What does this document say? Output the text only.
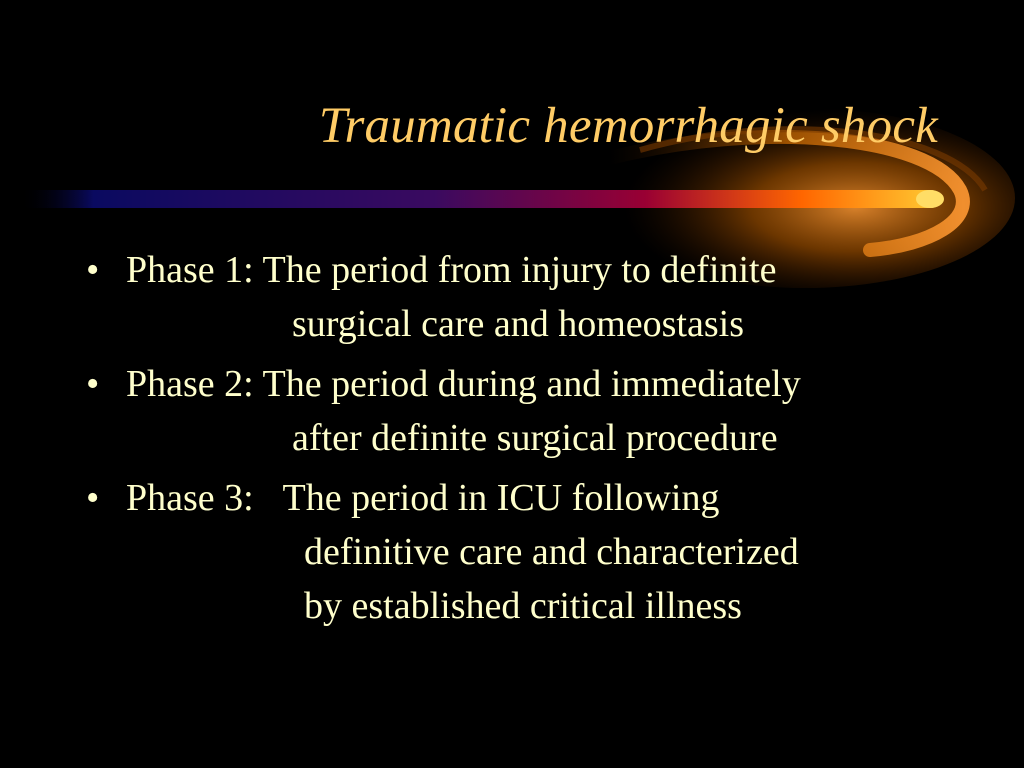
Traumatic hemorrhagic shock
• Phase 1: The period from injury to definite
surgical care and homeostasis
• Phase 2: The period during and immediately
after definite surgical procedure
• Phase 3: The period in ICU following
definitive care and characterized
by established critical illness
